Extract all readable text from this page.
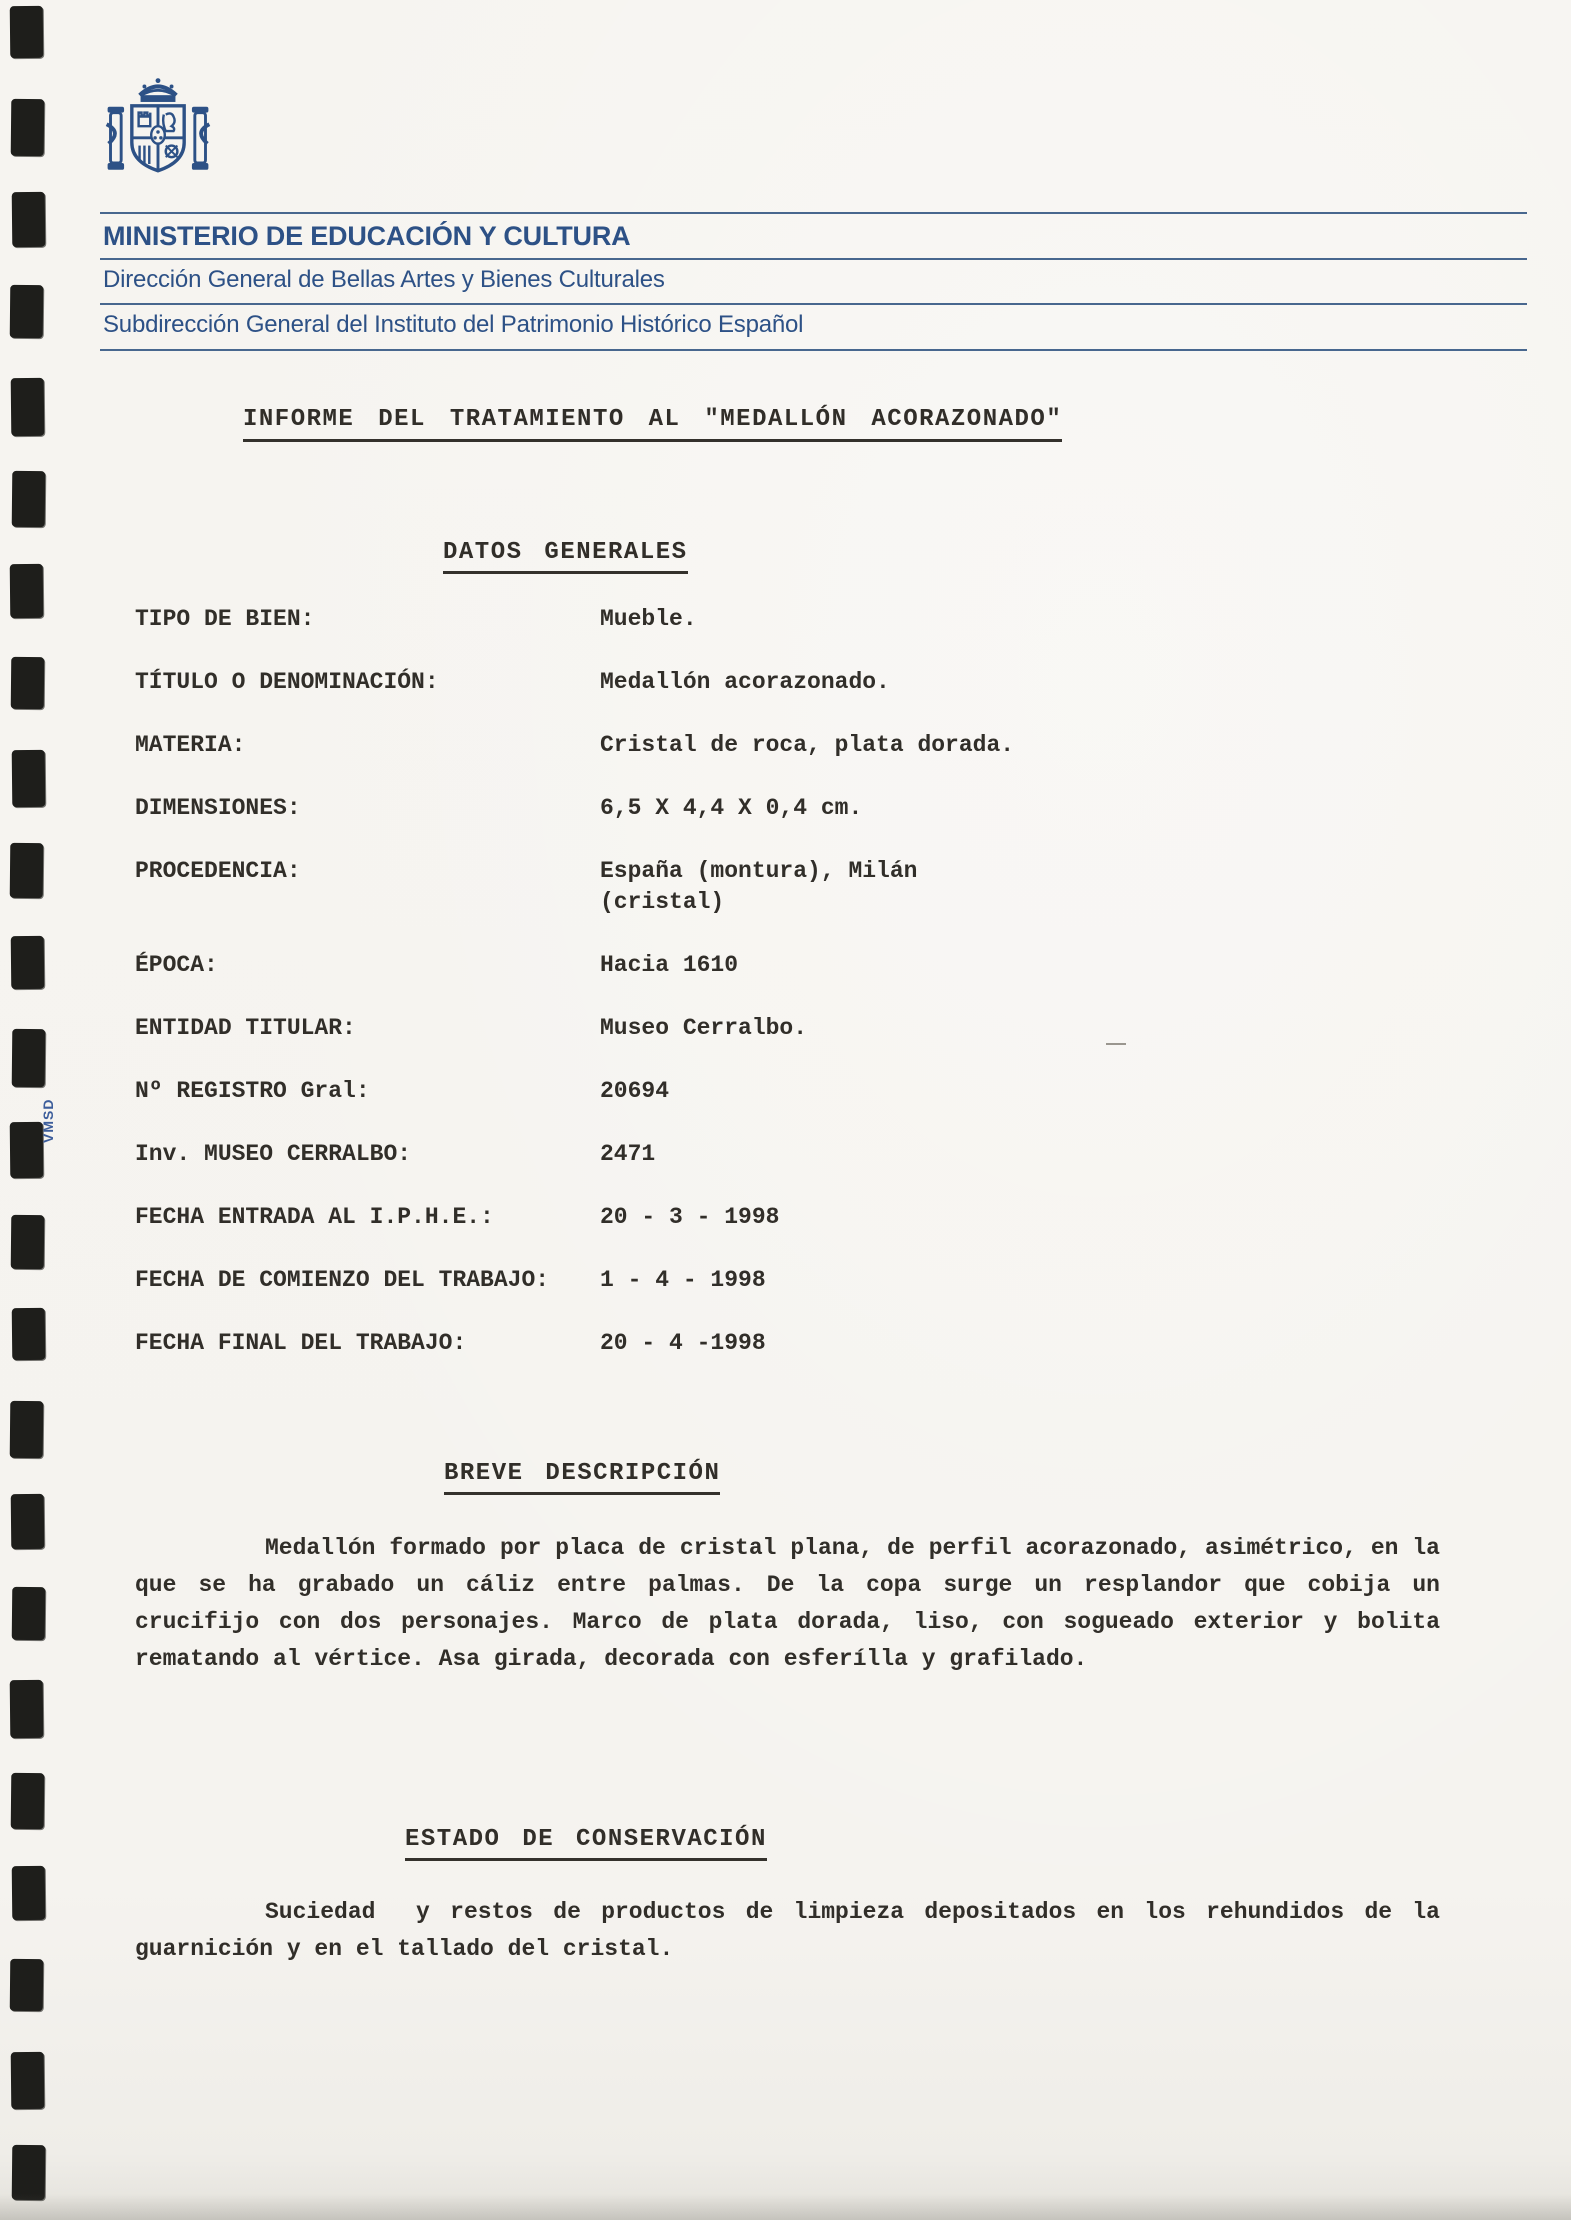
MINISTERIO DE EDUCACIÓN Y CULTURA
Dirección General de Bellas Artes y Bienes Culturales
Subdirección General del Instituto del Patrimonio Histórico Español
INFORME DEL TRATAMIENTO AL "MEDALLÓN ACORAZONADO"
DATOS GENERALES
TIPO DE BIEN:	Mueble.
TÍTULO O DENOMINACIÓN:	Medallón acorazonado.
MATERIA:	Cristal de roca, plata dorada.
DIMENSIONES:	6,5 X 4,4 X 0,4 cm.
PROCEDENCIA:	España (montura), Milán
(cristal)
ÉPOCA:	Hacia 1610
ENTIDAD TITULAR:	Museo Cerralbo.
Nº REGISTRO Gral:	20694
Inv. MUSEO CERRALBO:	2471
FECHA ENTRADA AL I.P.H.E.:	20 - 3 - 1998
FECHA DE COMIENZO DEL TRABAJO:	1 - 4 - 1998
FECHA FINAL DEL TRABAJO:	20 - 4 -1998
BREVE DESCRIPCIÓN
Medallón formado por placa de cristal plana, de perfil acorazonado, asimétrico, en la que se ha grabado un cáliz entre palmas. De la copa surge un resplandor que cobija un crucifijo con dos personajes. Marco de plata dorada, liso, con sogueado exterior y bolita rematando al vértice. Asa girada, decorada con esferílla y grafilado.
ESTADO DE CONSERVACIÓN
Suciedad  y restos de productos de limpieza depositados en los rehundidos de la guarnición y en el tallado del cristal.
VMSD
